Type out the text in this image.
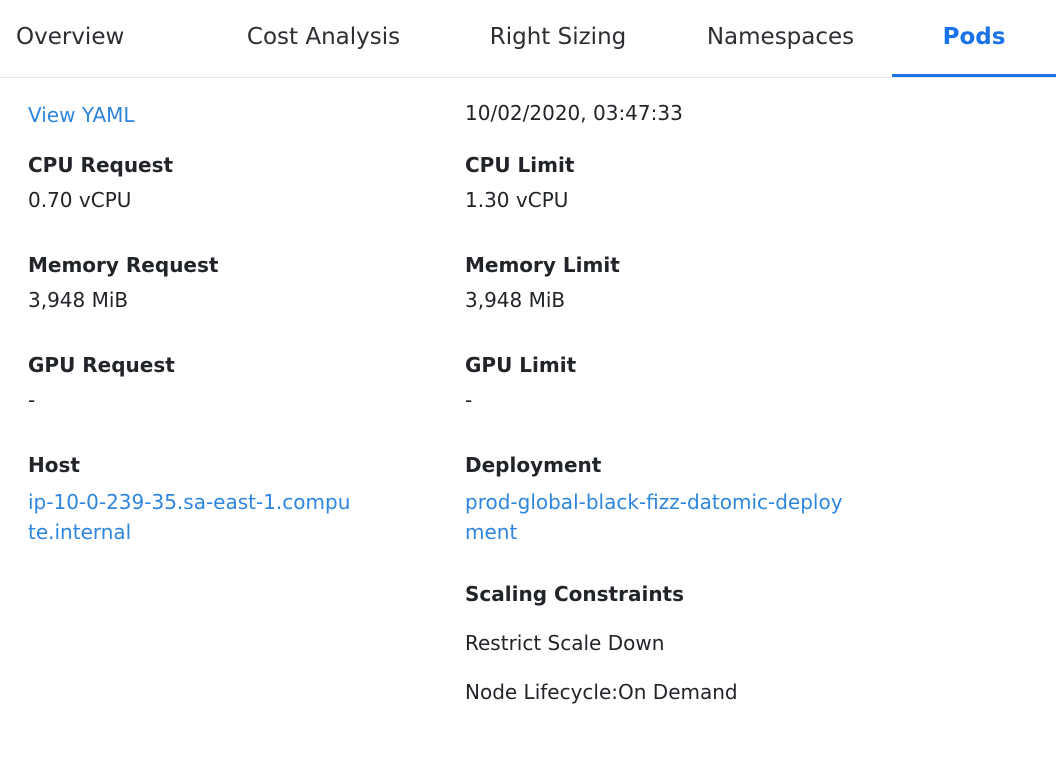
Overview	Cost Analysis	Right Sizing	Namespaces	Pods
View YAML
CPU Request
0.70 vCPU
Memory Request
3,948 MiB
GPU Request
-
Host
ip-10-0-239-35.sa-east-1.compute.internal
10/02/2020, 03:47:33
CPU Limit
1.30 vCPU
Memory Limit
3,948 MiB
GPU Limit
-
Deployment
prod-global-black-fizz-datomic-deployment
Scaling Constraints
Restrict Scale Down
Node Lifecycle:On Demand
